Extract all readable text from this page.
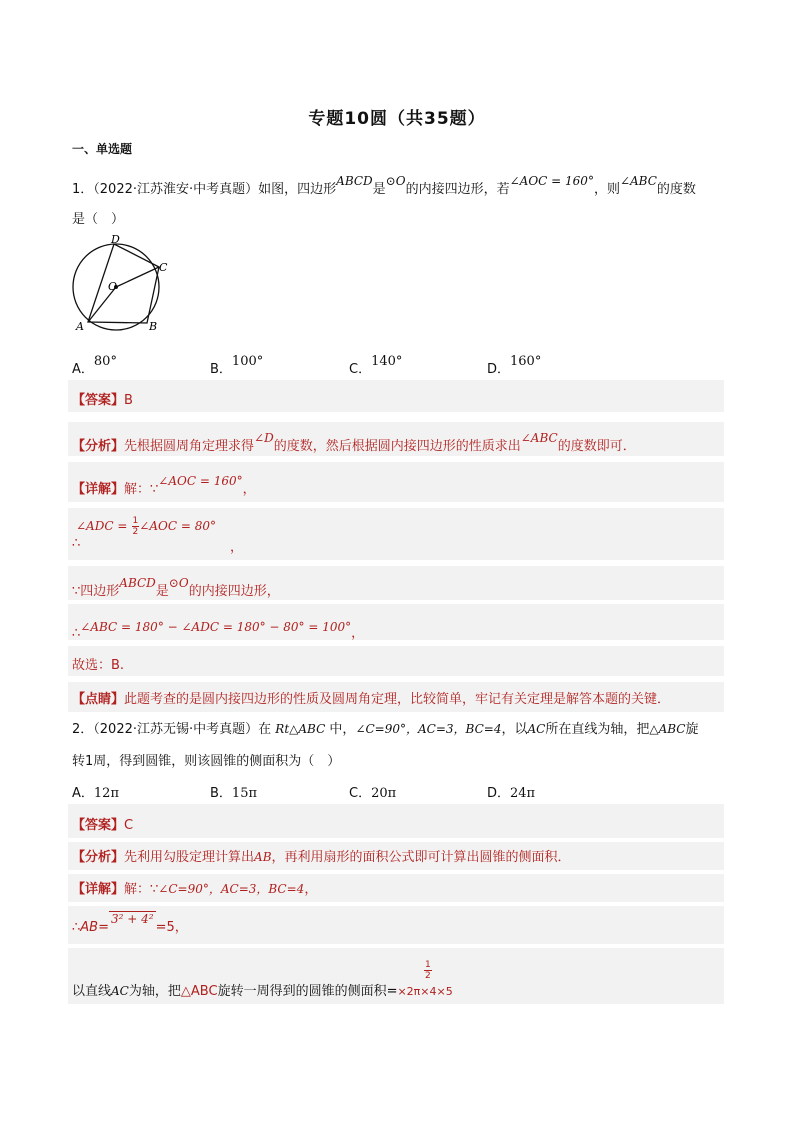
专题10圆（共35题）
一、单选题
1．（2022·江苏淮安·中考真题）如图，四边形ABCD是⊙O的内接四边形，若∠AOC = 160°，则∠ABC的度数
是（　）
D
C
O
A	B
A．80°
B．100°
C．140°
D．160°
【答案】B
【分析】先根据圆周角定理求得∠D的度数，然后根据圆内接四边形的性质求出∠ABC的度数即可．
【详解】解：∵∠AOC = 160°，
∠ADC = $\frac{1}{2}$ ∠AOC = 80°
∴	，
∵四边形ABCD是⊙O的内接四边形，
∴∠ABC = 180° − ∠ADC = 180° − 80° = 100°，
故选：B.
【点睛】此题考查的是圆内接四边形的性质及圆周角定理，比较简单，牢记有关定理是解答本题的关键．
2．（2022·江苏无锡·中考真题）在 Rt△ABC 中，∠C=90°，AC=3，BC=4，以AC所在直线为轴，把△ABC旋
转1周，得到圆锥，则该圆锥的侧面积为（　）
A．12π	B．15π	C．20π	D．24π
【答案】C
【分析】先利用勾股定理计算出AB，再利用扇形的面积公式即可计算出圆锥的侧面积．
【详解】解：∵∠C=90°，AC=3，BC=4，
∴AB=3² + 4²=5，
以直线AC为轴，把△ABC旋转一周得到的圆锥的侧面积=×2π×4×5
$\frac{1}{2}$
